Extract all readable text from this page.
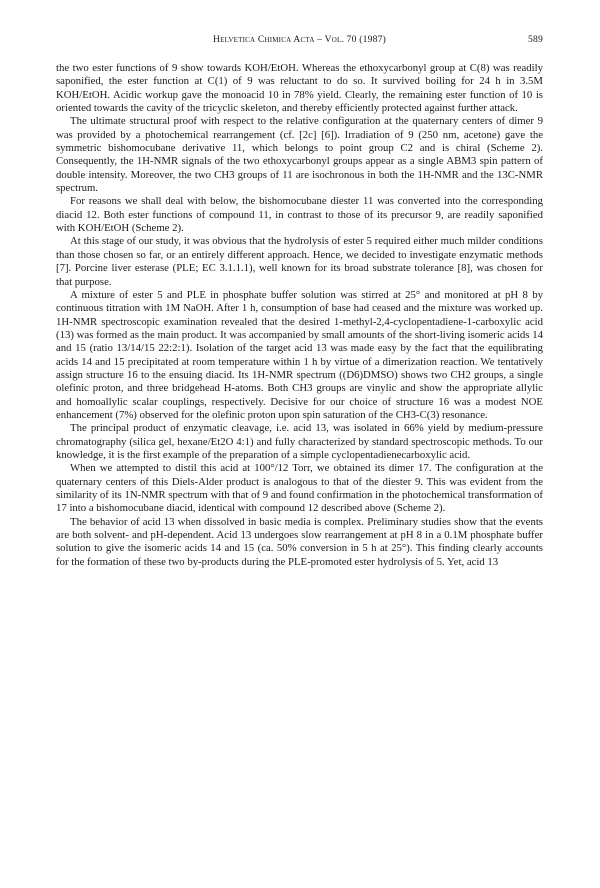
Helvetica Chimica Acta – Vol. 70 (1987)	589

the two ester functions of 9 show towards KOH/EtOH. Whereas the ethoxycarbonyl group at C(8) was readily saponified, the ester function at C(1) of 9 was reluctant to do so. It survived boiling for 24 h in 3.5M KOH/EtOH. Acidic workup gave the monoacid 10 in 78% yield. Clearly, the remaining ester function of 10 is oriented towards the cavity of the tricyclic skeleton, and thereby efficiently protected against further attack.

The ultimate structural proof with respect to the relative configuration at the quaternary centers of dimer 9 was provided by a photochemical rearrangement (cf. [2c] [6]). Irradiation of 9 (250 nm, acetone) gave the symmetric bishomocubane derivative 11, which belongs to point group C2 and is chiral (Scheme 2). Consequently, the 1H-NMR signals of the two ethoxycarbonyl groups appear as a single ABM3 spin pattern of double intensity. Moreover, the two CH3 groups of 11 are isochronous in both the 1H-NMR and the 13C-NMR spectrum.

For reasons we shall deal with below, the bishomocubane diester 11 was converted into the corresponding diacid 12. Both ester functions of compound 11, in contrast to those of its precursor 9, are readily saponified with KOH/EtOH (Scheme 2).

At this stage of our study, it was obvious that the hydrolysis of ester 5 required either much milder conditions than those chosen so far, or an entirely different approach. Hence, we decided to investigate enzymatic methods [7]. Porcine liver esterase (PLE; EC 3.1.1.1), well known for its broad substrate tolerance [8], was chosen for that purpose.

A mixture of ester 5 and PLE in phosphate buffer solution was stirred at 25° and monitored at pH 8 by continuous titration with 1M NaOH. After 1 h, consumption of base had ceased and the mixture was worked up. 1H-NMR spectroscopic examination revealed that the desired 1-methyl-2,4-cyclopentadiene-1-carboxylic acid (13) was formed as the main product. It was accompanied by small amounts of the short-living isomeric acids 14 and 15 (ratio 13/14/15 22:2:1). Isolation of the target acid 13 was made easy by the fact that the equilibrating acids 14 and 15 precipitated at room temperature within 1 h by virtue of a dimerization reaction. We tentatively assign structure 16 to the ensuing diacid. Its 1H-NMR spectrum ((D6)DMSO) shows two CH2 groups, a single olefinic proton, and three bridgehead H-atoms. Both CH3 groups are vinylic and show the appropriate allylic and homoallylic scalar couplings, respectively. Decisive for our choice of structure 16 was a modest NOE enhancement (7%) observed for the olefinic proton upon spin saturation of the CH3-C(3) resonance.

The principal product of enzymatic cleavage, i.e. acid 13, was isolated in 66% yield by medium-pressure chromatography (silica gel, hexane/Et2O 4:1) and fully characterized by standard spectroscopic methods. To our knowledge, it is the first example of the preparation of a simple cyclopentadienecarboxylic acid.

When we attempted to distil this acid at 100°/12 Torr, we obtained its dimer 17. The configuration at the quaternary centers of this Diels-Alder product is analogous to that of the diester 9. This was evident from the similarity of its 1N-NMR spectrum with that of 9 and found confirmation in the photochemical transformation of 17 into a bishomocubane diacid, identical with compound 12 described above (Scheme 2).

The behavior of acid 13 when dissolved in basic media is complex. Preliminary studies show that the events are both solvent- and pH-dependent. Acid 13 undergoes slow rearrangement at pH 8 in a 0.1M phosphate buffer solution to give the isomeric acids 14 and 15 (ca. 50% conversion in 5 h at 25°). This finding clearly accounts for the formation of these two by-products during the PLE-promoted ester hydrolysis of 5. Yet, acid 13
